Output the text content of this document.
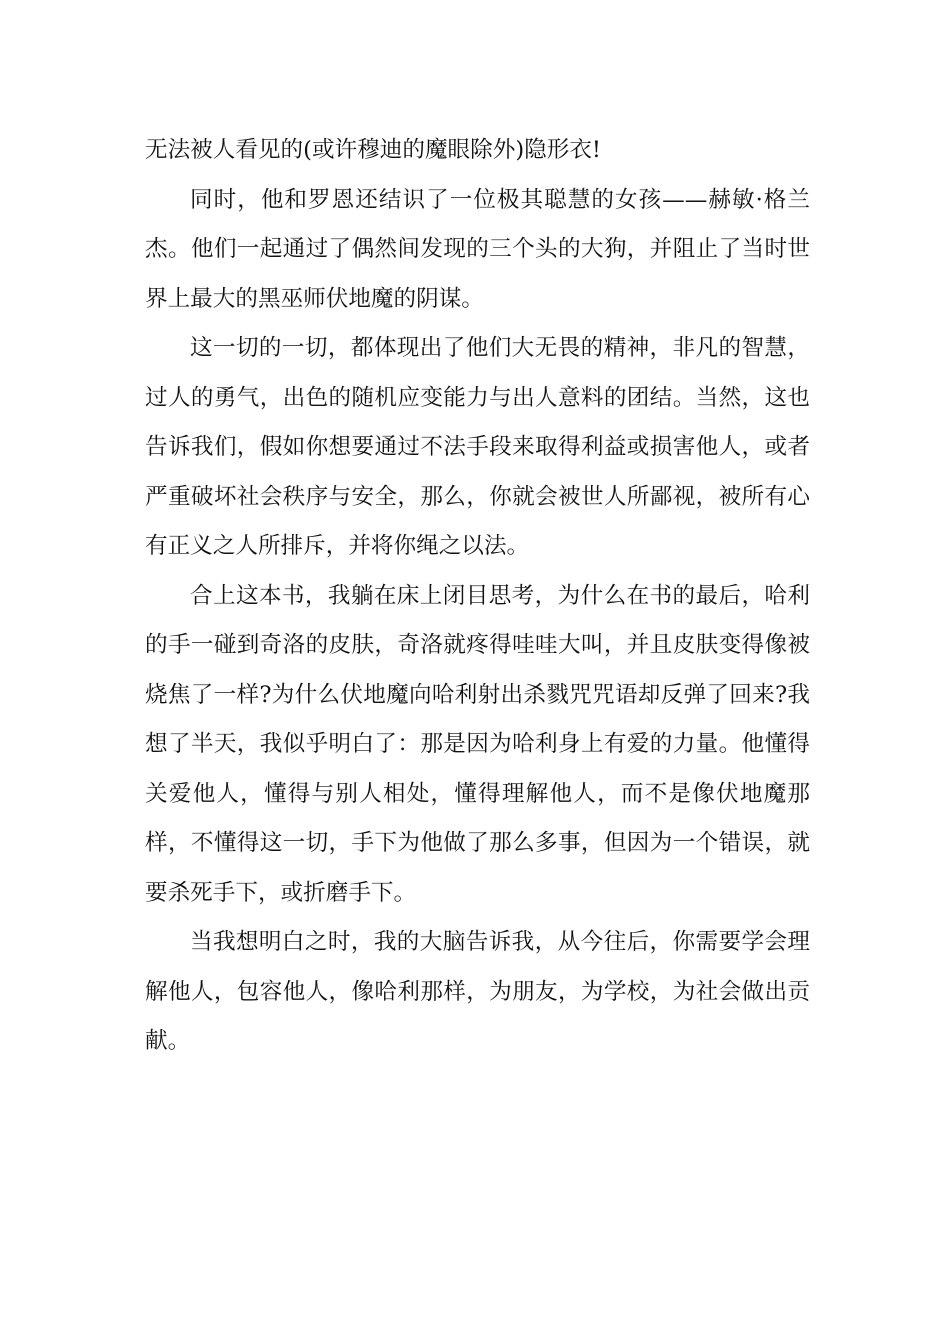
无法被人看见的(或许穆迪的魔眼除外)隐形衣!

同时，他和罗恩还结识了一位极其聪慧的女孩——赫敏·格兰杰。他们一起通过了偶然间发现的三个头的大狗，并阻止了当时世界上最大的黑巫师伏地魔的阴谋。

这一切的一切，都体现出了他们大无畏的精神，非凡的智慧，过人的勇气，出色的随机应变能力与出人意料的团结。当然，这也告诉我们，假如你想要通过不法手段来取得利益或损害他人，或者严重破坏社会秩序与安全，那么，你就会被世人所鄙视，被所有心有正义之人所排斥，并将你绳之以法。

合上这本书，我躺在床上闭目思考，为什么在书的最后，哈利的手一碰到奇洛的皮肤，奇洛就疼得哇哇大叫，并且皮肤变得像被烧焦了一样?为什么伏地魔向哈利射出杀戮咒咒语却反弹了回来?我想了半天，我似乎明白了：那是因为哈利身上有爱的力量。他懂得关爱他人，懂得与别人相处，懂得理解他人，而不是像伏地魔那样，不懂得这一切，手下为他做了那么多事，但因为一个错误，就要杀死手下，或折磨手下。

当我想明白之时，我的大脑告诉我，从今往后，你需要学会理解他人，包容他人，像哈利那样，为朋友，为学校，为社会做出贡献。
